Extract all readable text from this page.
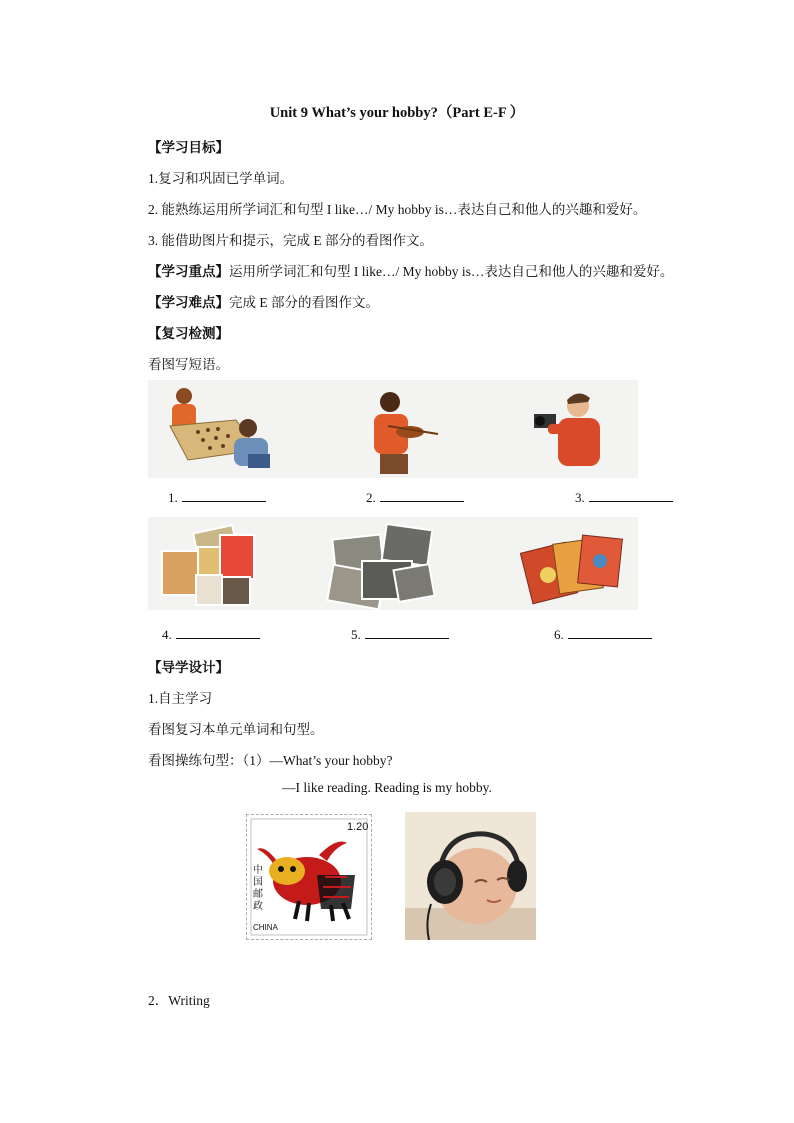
Unit 9 What’s your hobby?（Part E-F ）
【学习目标】
1.复习和巩固已学单词。
2. 能熟练运用所学词汇和句型 I like…/ My hobby is…表达自己和他人的兴趣和爱好。
3. 能借助图片和提示，完成 E 部分的看图作文。
【学习重点】运用所学词汇和句型 I like…/ My hobby is…表达自己和他人的兴趣和爱好。
【学习难点】完成 E 部分的看图作文。
【复习检测】
看图写短语。
1.	2.	3.
4.	5.	6.
【导学设计】
1.自主学习
看图复习本单元单词和句型。
看图操练句型：（1）—What’s your hobby?
—I like reading. Reading is my hobby.
1.20
中国邮政
CHINA
2．Writing
